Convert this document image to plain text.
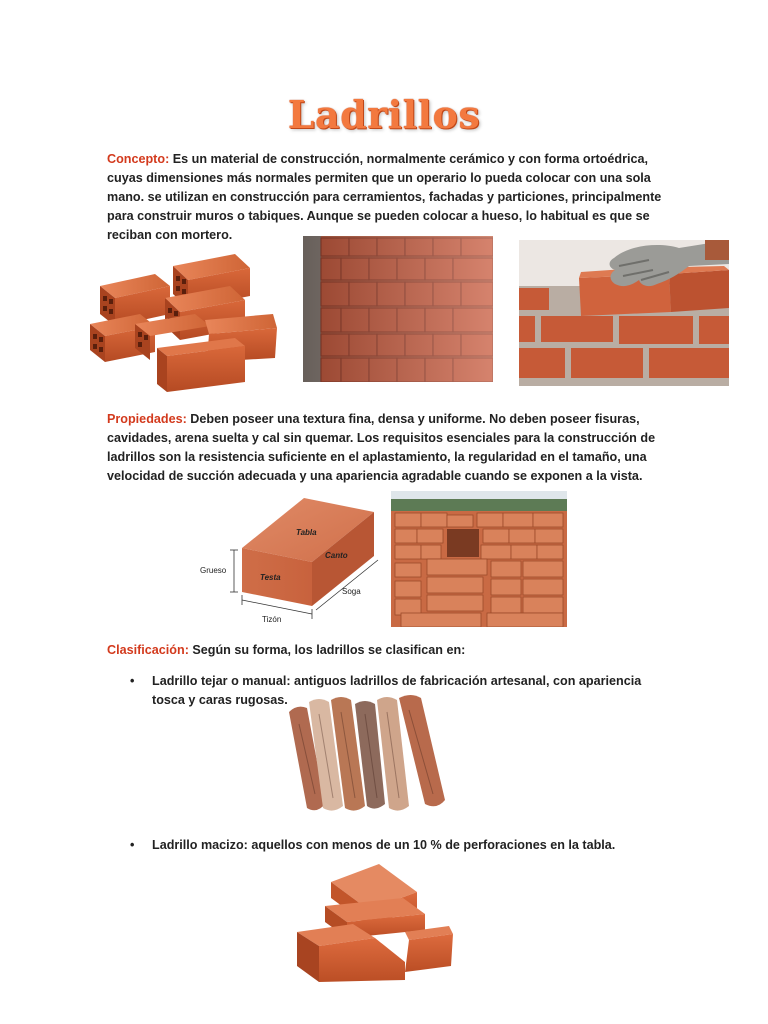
Ladrillos
Concepto: Es un material de construcción, normalmente cerámico y con forma ortoédrica, cuyas dimensiones más normales permiten que un operario lo pueda colocar con una sola mano. se utilizan en construcción para cerramientos, fachadas y particiones, principalmente para construir muros o tabiques. Aunque se pueden colocar a hueso, lo habitual es que se reciban con mortero.
Propiedades: Deben poseer una textura fina, densa y uniforme. No deben poseer fisuras, cavidades, arena suelta y cal sin quemar. Los requisitos esenciales para la construcción de ladrillos son la resistencia suficiente en el aplastamiento, la regularidad en el tamaño, una velocidad de succión adecuada y una apariencia agradable cuando se exponen a la vista.
Tabla
Canto
Testa
Grueso
Soga
Tizón
Clasificación: Según su forma, los ladrillos se clasifican en:
• Ladrillo tejar o manual: antiguos ladrillos de fabricación artesanal, con apariencia tosca y caras rugosas.
• Ladrillo macizo: aquellos con menos de un 10 % de perforaciones en la tabla.
